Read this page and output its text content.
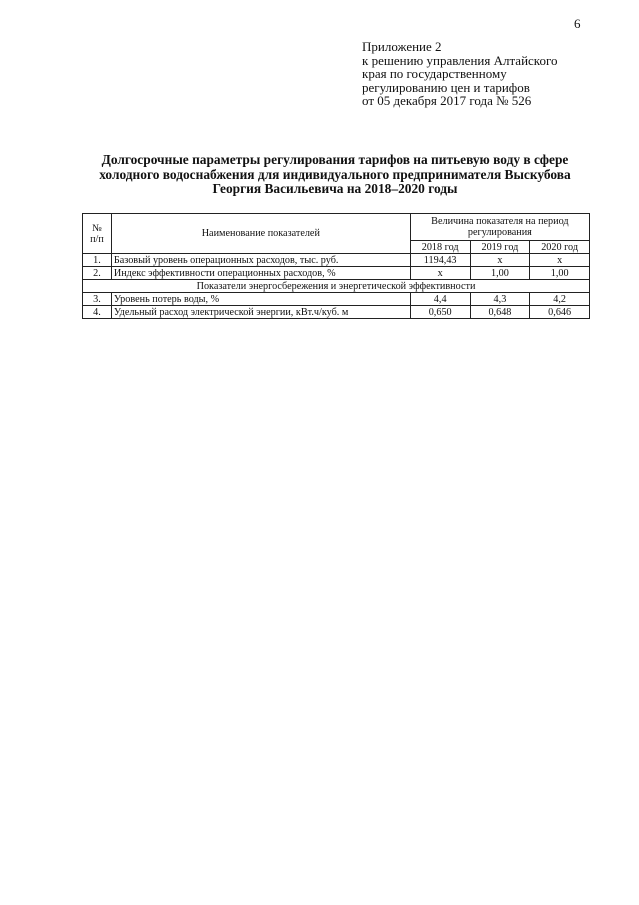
6
Приложение 2
к решению управления Алтайского
края по государственному
регулированию цен и тарифов
от 05 декабря 2017 года № 526
Долгосрочные параметры регулирования тарифов на питьевую воду в сфере
холодного водоснабжения для индивидуального предпринимателя Выскубова
Георгия Васильевича на 2018–2020 годы
№
п/п	Наименование показателей	Величина показателя на период регулирования		
		2018 год	2019 год	2020 год
1.	Базовый уровень операционных расходов, тыс. руб.	1194,43	х	х
2.	Индекс эффективности операционных расходов, %	х	1,00	1,00
Показатели энергосбережения и энергетической эффективности				
3.	Уровень потерь воды, %	4,4	4,3	4,2
4.	Удельный расход электрической энергии, кВт.ч/куб. м	0,650	0,648	0,646
